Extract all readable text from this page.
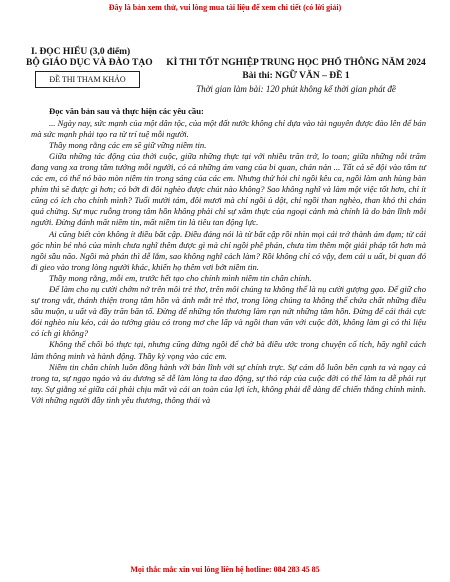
Đây là bản xem thử, vui lòng mua tài liệu để xem chi tiết (có lời giải)
I. ĐỌC HIỂU (3,0 điểm)
BỘ GIÁO DỤC VÀ ĐÀO TẠO
ĐỀ THI THAM KHẢO
KÌ THI TỐT NGHIỆP TRUNG HỌC PHỔ THÔNG NĂM 2024
Bài thi: NGỮ VĂN – ĐỀ 1
Thời gian làm bài: 120 phút không kể thời gian phát đề

Đọc văn bản sau và thực hiện các yêu cầu:

... Ngày nay, sức mạnh của một dân tộc, của một đất nước không chỉ dựa vào tài nguyên được đào lên để bán mà sức mạnh phải tạo ra từ trí tuệ mỗi người.

Thầy mong rằng các em sẽ giữ vững niềm tin.

Giữa những tác động của thời cuộc, giữa những thực tại với nhiều trăn trở, lo toan; giữa những nỗi trăm đang vang xa trong tâm tưởng mỗi người, có cả những ám vang của bi quan, chán nản ... Tất cả sẽ đội vào tâm tư các em, có thể nó bào mòn niềm tin trong sáng của các em. Nhưng thử hỏi chỉ ngồi kêu ca, ngồi làm anh hùng bàn phím thì sẽ được gì hơn; có bớt đi đôi nghèo được chút nào không? Sao không nghĩ và làm một việc tốt hơn, chỉ ít cũng có ích cho chính mình? Tuổi mười tám, đôi mươi mà chỉ ngồi ủ dột, chỉ ngồi than nghèo, than khó thì chán quá chừng. Sự mục ruỗng trong tâm hồn không phải chỉ sự xâm thực của ngoại cảnh mà chính là do bản lĩnh mỗi người. Đừng đánh mất niềm tin, mất niềm tin là tiêu tan động lực.

Ai cũng biết còn không ít điều bất cập. Điều đáng nói là từ bất cập rồi nhìn mọi cái trở thành ám đạm; từ cái góc nhìn bé nhỏ của mình chưa nghĩ thêm được gì mà chỉ ngồi phê phán, chưa tìm thêm một giải pháp tốt hơn mà ngồi sầu não. Ngồi mà phán thì dễ lắm, sao không nghĩ cách làm? Rồi không chỉ có vậy, đem cái u uất, bi quan đó đi gieo vào trong lòng người khác, khiến họ thêm vơi bớt niềm tin.

Thầy mong rằng, mỗi em, trước hết tạo cho chính mình niềm tin chân chính.

Để làm cho nụ cười chớm nở trên môi trẻ thơ, trên môi chúng ta không thể là nụ cười gượng gạo. Để giữ cho sự trong vắt, thánh thiện trong tâm hồn và ánh mắt trẻ thơ, trong lòng chúng ta không thể chứa chất những điều sầu muộn, u uất và đầy trăn băn tố. Đừng để những tổn thương làm rạn nứt những tâm hồn. Đừng để cái thái cực đói nghèo níu kéo, cái ảo tưởng giàu có trong mơ che lấp và ngồi than vãn với cuộc đời, không làm gì có thì liệu có ích gì không?

Không thể chối bỏ thực tại, nhưng cũng đừng ngồi để chờ bà điều ước trong chuyện cổ tích, hãy nghĩ cách làm thông minh và hành động. Thầy kỳ vọng vào các em.

Niềm tin chân chính luôn đồng hành với bản lĩnh với sự chính trực. Sự cám dỗ luôn bên cạnh ta và ngay cả trong ta, sự ngạo ngáo và áu dương sẽ dễ làm lòng ta dao động, sự thỏ ráp của cuộc đời có thể làm ta dễ phải rụt tay. Sự giằng xé giữa cái phải chịu mất và cái an toàn của lợi ích, không phải dễ dàng để chiến thắng chính mình. Với những người đầy tình yêu thương, thông thái và

Mọi thắc mắc xin vui lòng liên hệ hotline: 084 283 45 85
